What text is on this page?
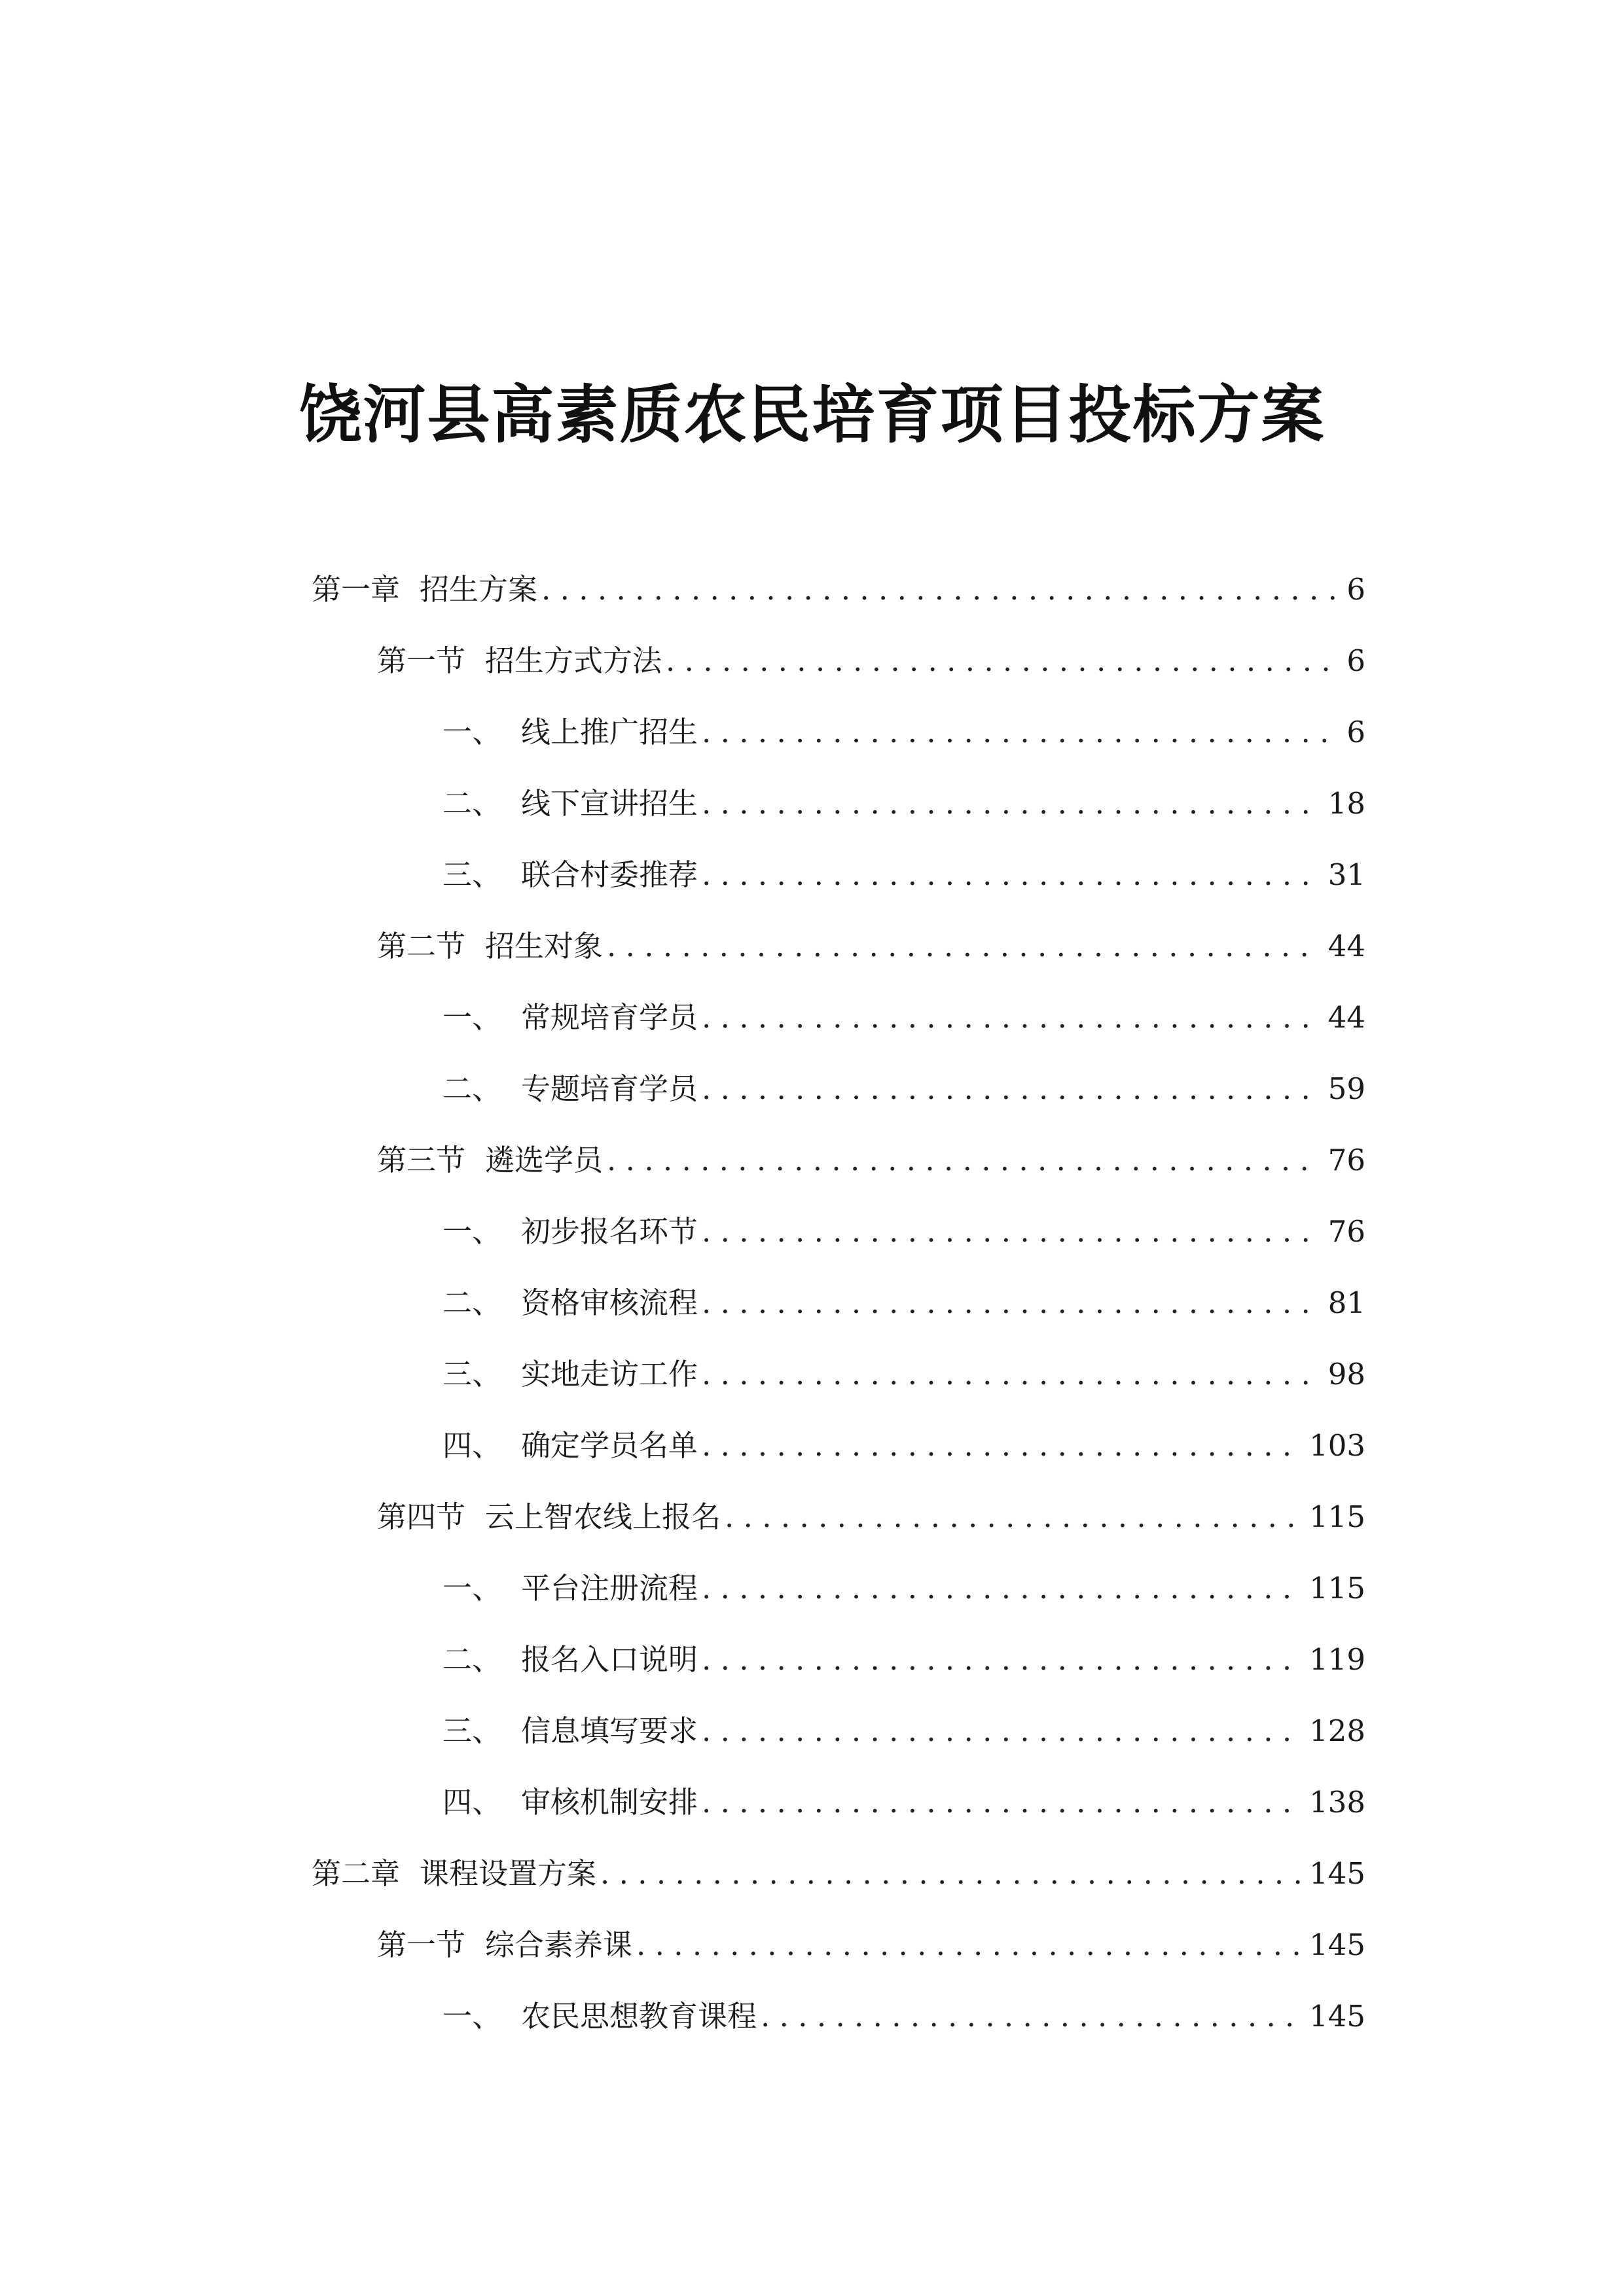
饶河县高素质农民培育项目投标方案
第一章 招生方案 . . .	6
第一节 招生方式方法 . . .	6
一、 线上推广招生 . . .	6
二、 线下宣讲招生 . . .	18
三、 联合村委推荐 . . .	31
第二节 招生对象 . . .	44
一、 常规培育学员 . . .	44
二、 专题培育学员 . . .	59
第三节 遴选学员 . . .	76
一、 初步报名环节 . . .	76
二、 资格审核流程 . . .	81
三、 实地走访工作 . . .	98
四、 确定学员名单 . . .	103
第四节 云上智农线上报名 . . .	115
一、 平台注册流程 . . .	115
二、 报名入口说明 . . .	119
三、 信息填写要求 . . .	128
四、 审核机制安排 . . .	138
第二章 课程设置方案 . . .	145
第一节 综合素养课 . . .	145
一、 农民思想教育课程 . . .	145
